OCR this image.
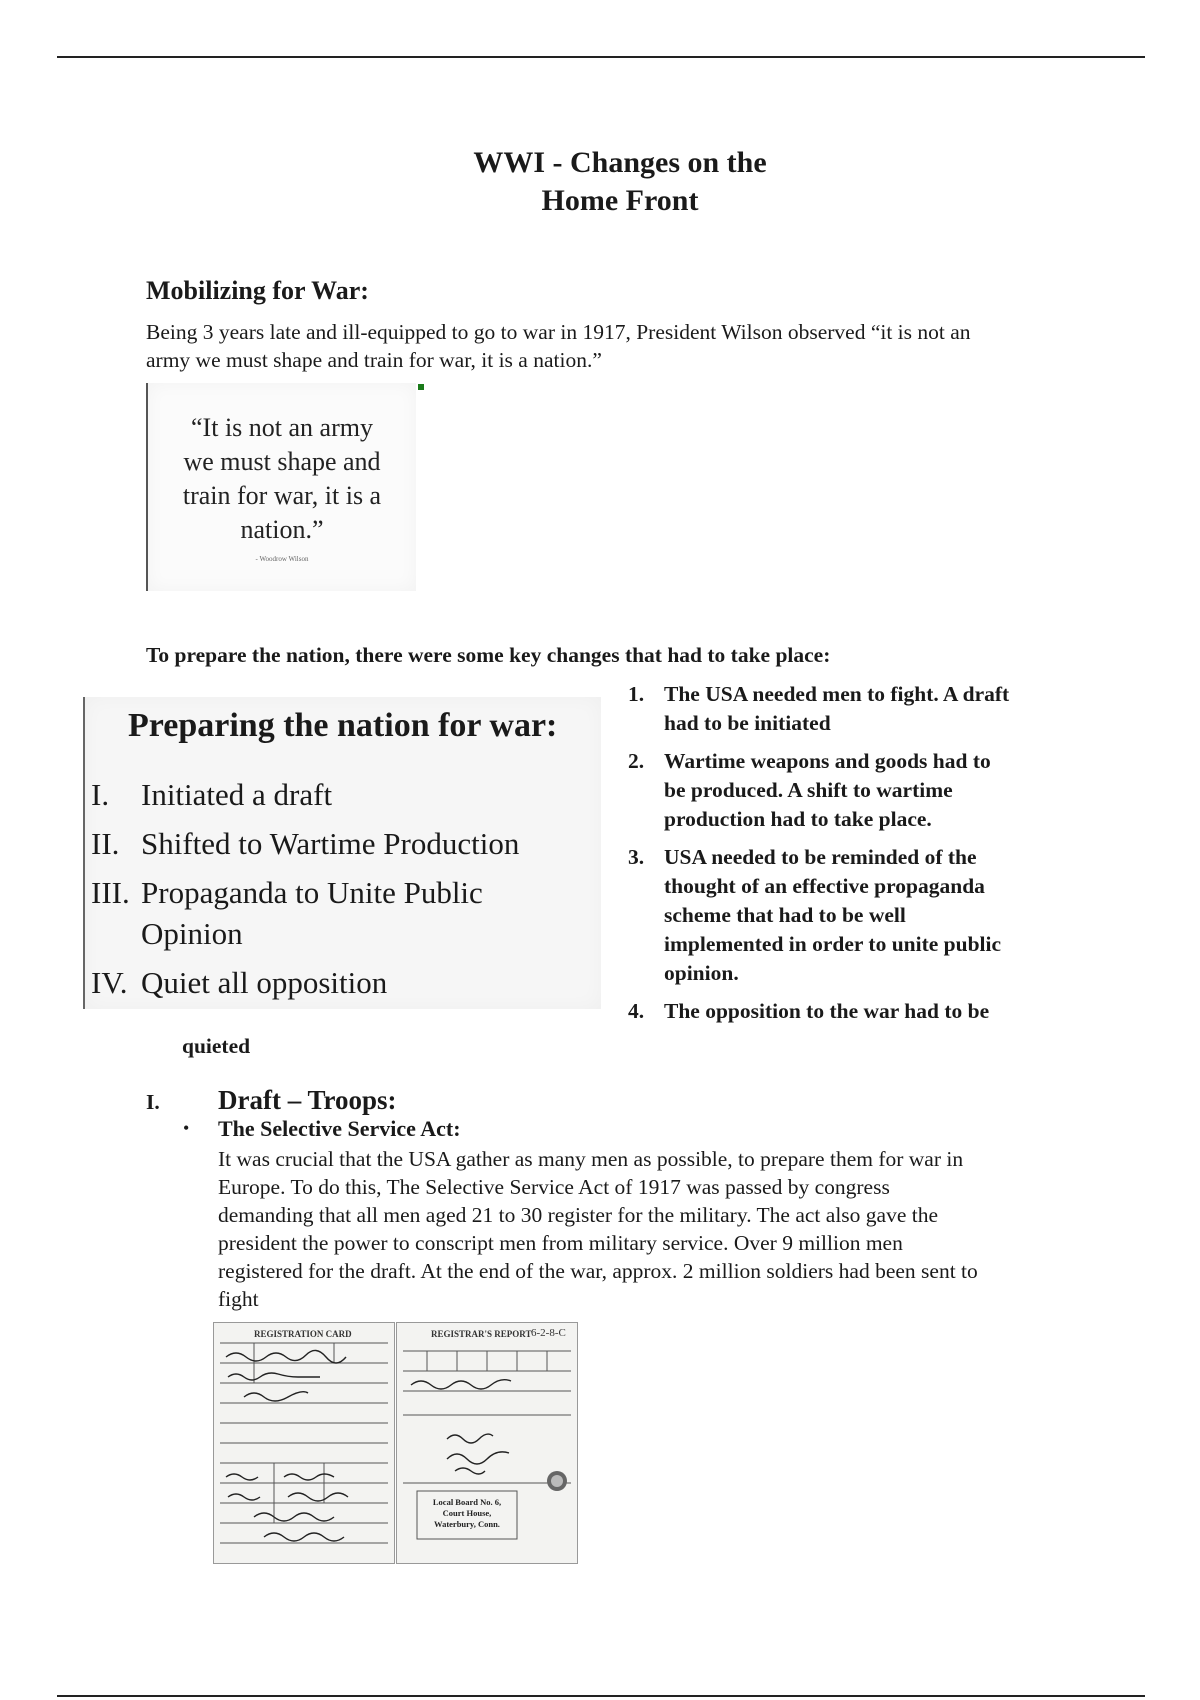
WWI - Changes on the
Home Front
Mobilizing for War:
Being 3 years late and ill-equipped to go to war in 1917, President Wilson observed “it is not an
army we must shape and train for war, it is a nation.”
“It is not an army
we must shape and
train for war, it is a
nation.”
- Woodrow Wilson
To prepare the nation, there were some key changes that had to take place:
Preparing the nation for war:
I. Initiated a draft
II. Shifted to Wartime Production
III. Propaganda to Unite Public
Opinion
IV. Quiet all opposition
1. The USA needed men to fight. A draft
had to be initiated
2. Wartime weapons and goods had to
be produced. A shift to wartime
production had to take place.
3. USA needed to be reminded of the
thought of an effective propaganda
scheme that had to be well
implemented in order to unite public
opinion.
4. The opposition to the war had to be
quieted
I. Draft – Troops:
• The Selective Service Act:
It was crucial that the USA gather as many men as possible, to prepare them for war in
Europe. To do this, The Selective Service Act of 1917 was passed by congress
demanding that all men aged 21 to 30 register for the military. The act also gave the
president the power to conscript men from military service. Over 9 million men
registered for the draft. At the end of the war, approx. 2 million soldiers had been sent to
fight
REGISTRATION CARD	REGISTRAR'S REPORT 6-2-8-C
Local Board No. 6,
Court House,
Waterbury, Conn.
